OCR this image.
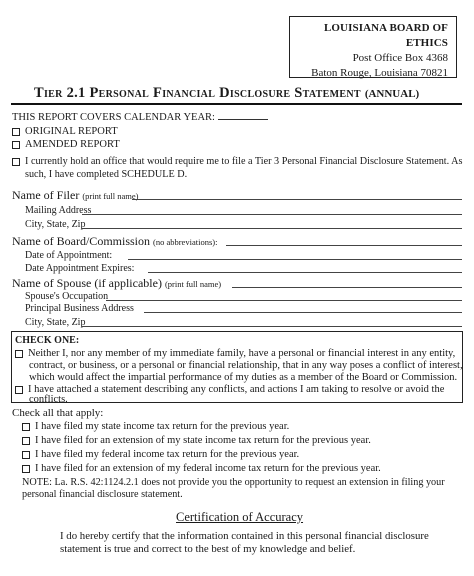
LOUISIANA BOARD OF ETHICS
Post Office Box 4368
Baton Rouge, Louisiana 70821
Tier 2.1 Personal Financial Disclosure Statement (ANNUAL)
THIS REPORT COVERS CALENDAR YEAR:
ORIGINAL REPORT
AMENDED REPORT
I currently hold an office that would require me to file a Tier 3 Personal Financial Disclosure Statement. As
such, I have completed SCHEDULE D.
Name of Filer (print full name)
Mailing Address
City, State, Zip
Name of Board/Commission (no abbreviations):
Date of Appointment:
Date Appointment Expires:
Name of Spouse (if applicable) (print full name)
Spouse's Occupation
Principal Business Address
City, State, Zip
CHECK ONE:
Neither I, nor any member of my immediate family, have a personal or financial interest in any entity,
contract, or business, or a personal or financial relationship, that in any way poses a conflict of interest,
which would affect the impartial performance of my duties as a member of the Board or Commission.
I have attached a statement describing any conflicts, and actions I am taking to resolve or avoid the
conflicts.
Check all that apply:
I have filed my state income tax return for the previous year.
I have filed for an extension of my state income tax return for the previous year.
I have filed my federal income tax return for the previous year.
I have filed for an extension of my federal income tax return for the previous year.
NOTE: La. R.S. 42:1124.2.1 does not provide you the opportunity to request an extension in filing your
personal financial disclosure statement.
Certification of Accuracy
I do hereby certify that the information contained in this personal financial disclosure
statement is true and correct to the best of my knowledge and belief.
